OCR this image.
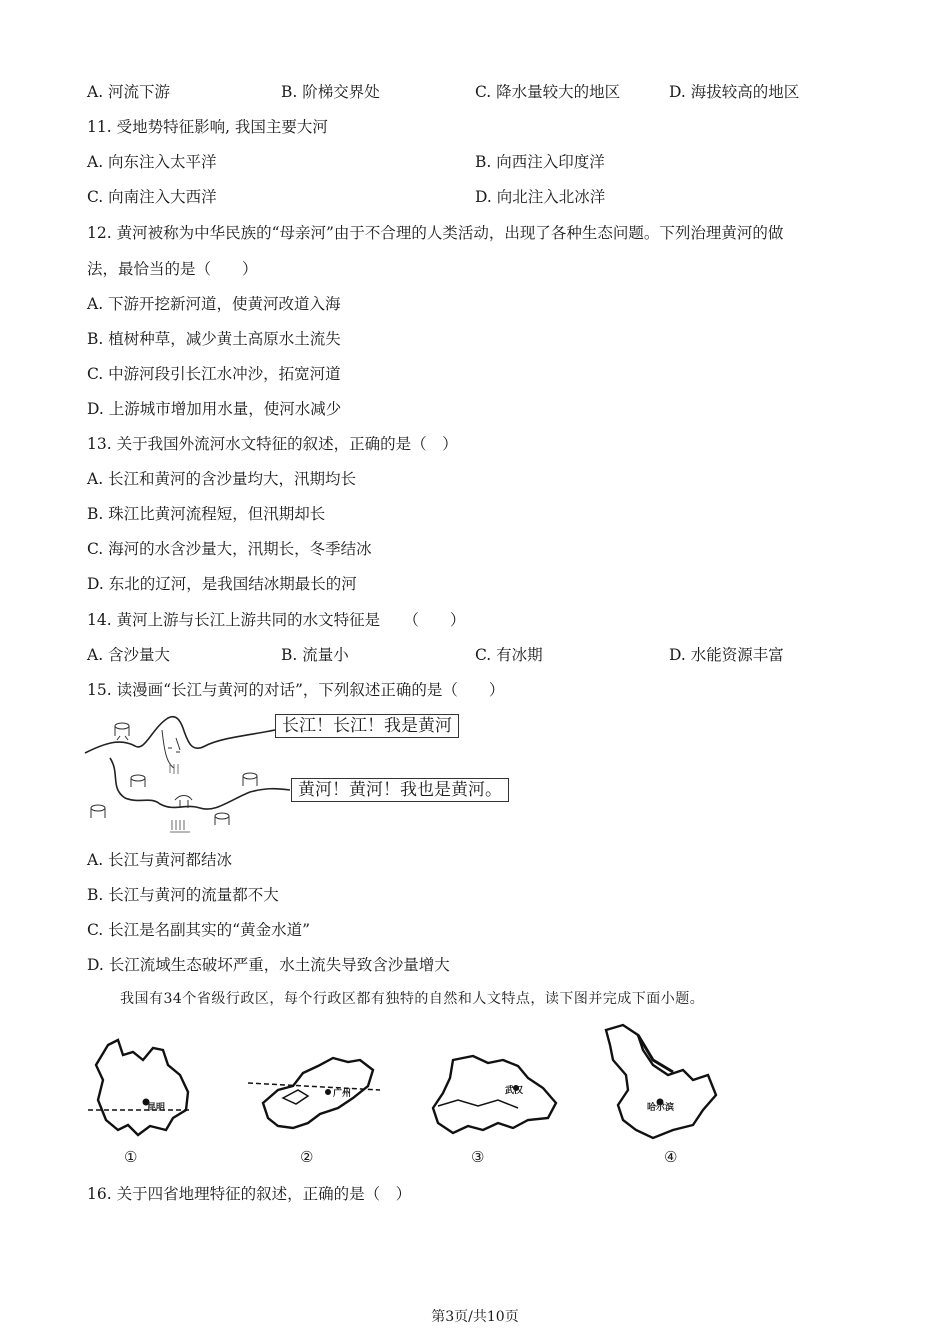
A. 河流下游	B. 阶梯交界处	C. 降水量较大的地区	D. 海拔较高的地区
11. 受地势特征影响, 我国主要大河
A. 向东注入太平洋	B. 向西注入印度洋
C. 向南注入大西洋	D. 向北注入北冰洋
12. 黄河被称为中华民族的“母亲河”由于不合理的人类活动，出现了各种生态问题。下列治理黄河的做
法，最恰当的是（　　）
A. 下游开挖新河道，使黄河改道入海
B. 植树种草，减少黄土高原水土流失
C. 中游河段引长江水冲沙，拓宽河道
D. 上游城市增加用水量，使河水减少
13. 关于我国外流河水文特征的叙述，正确的是（　）
A. 长江和黄河的含沙量均大，汛期均长
B. 珠江比黄河流程短，但汛期却长
C. 海河的水含沙量大，汛期长，冬季结冰
D. 东北的辽河，是我国结冰期最长的河
14. 黄河上游与长江上游共同的水文特征是　　（　　）
A. 含沙量大	B. 流量小	C. 有冰期	D. 水能资源丰富
15. 读漫画“长江与黄河的对话”，下列叙述正确的是（　　）
长江！长江！我是黄河
黄河！黄河！我也是黄河。
A. 长江与黄河都结冰
B. 长江与黄河的流量都不大
C. 长江是名副其实的“黄金水道”
D. 长江流域生态破坏严重，水土流失导致含沙量增大
我国有34个省级行政区，每个行政区都有独特的自然和人文特点，读下图并完成下面小题。
昆明
①
广州
②
武汉
③
哈尔滨
④
16. 关于四省地理特征的叙述，正确的是（　）
第3页/共10页
